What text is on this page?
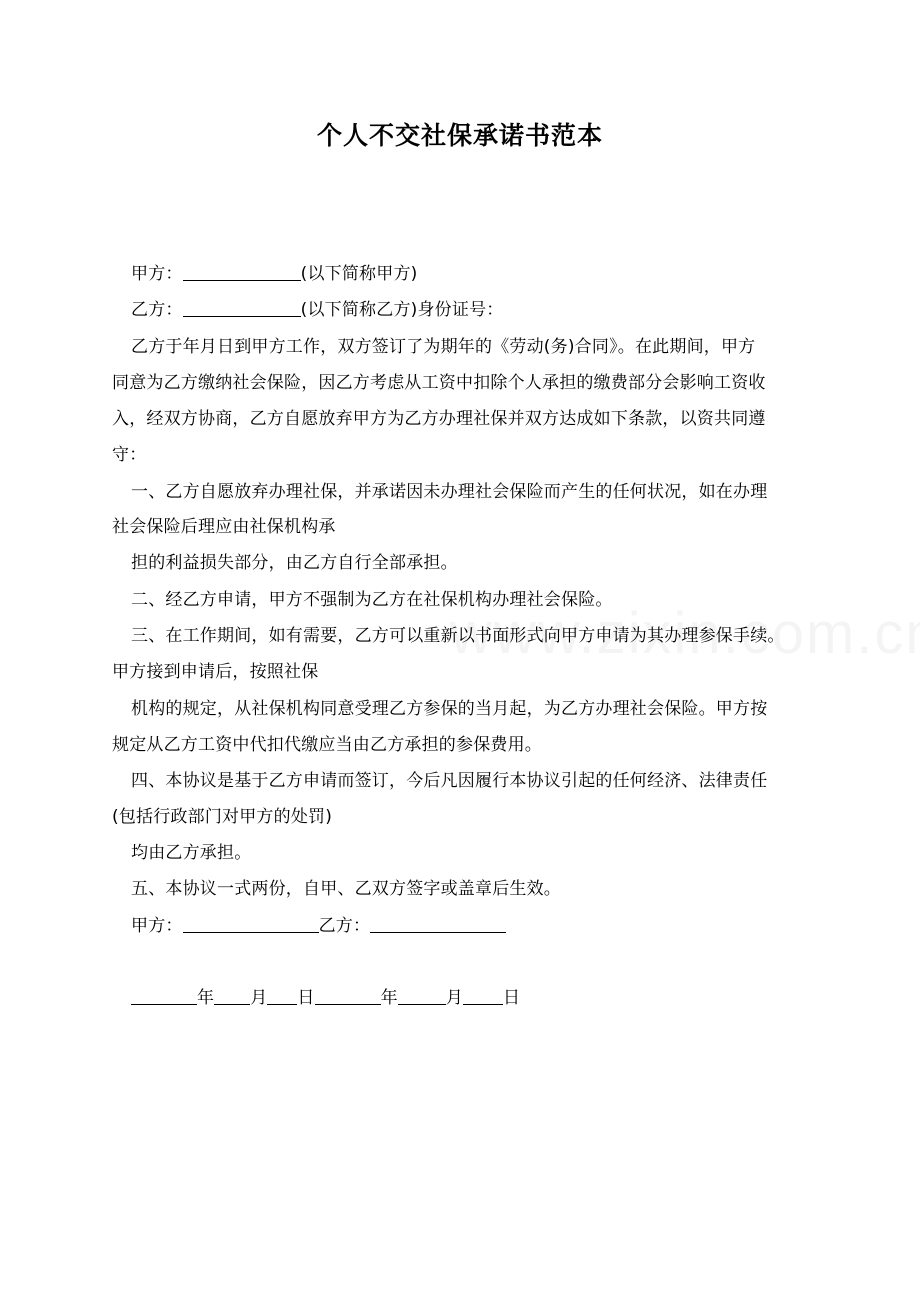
个人不交社保承诺书范本
甲方：	(以下简称甲方)
乙方：	(以下简称乙方)身份证号：
乙方于年月日到甲方工作，双方签订了为期年的《劳动(务)合同》。在此期间，甲方
同意为乙方缴纳社会保险，因乙方考虑从工资中扣除个人承担的缴费部分会影响工资收
入，经双方协商，乙方自愿放弃甲方为乙方办理社保并双方达成如下条款，以资共同遵
守：
一、乙方自愿放弃办理社保，并承诺因未办理社会保险而产生的任何状况，如在办理
社会保险后理应由社保机构承
担的利益损失部分，由乙方自行全部承担。
二、经乙方申请，甲方不强制为乙方在社保机构办理社会保险。
三、在工作期间，如有需要，乙方可以重新以书面形式向甲方申请为其办理参保手续。
甲方接到申请后，按照社保
机构的规定，从社保机构同意受理乙方参保的当月起，为乙方办理社会保险。甲方按
规定从乙方工资中代扣代缴应当由乙方承担的参保费用。
四、本协议是基于乙方申请而签订，今后凡因履行本协议引起的任何经济、法律责任
(包括行政部门对甲方的处罚)
均由乙方承担。
五、本协议一式两份，自甲、乙双方签字或盖章后生效。
甲方：	乙方：
年 月 日	年	月 日
